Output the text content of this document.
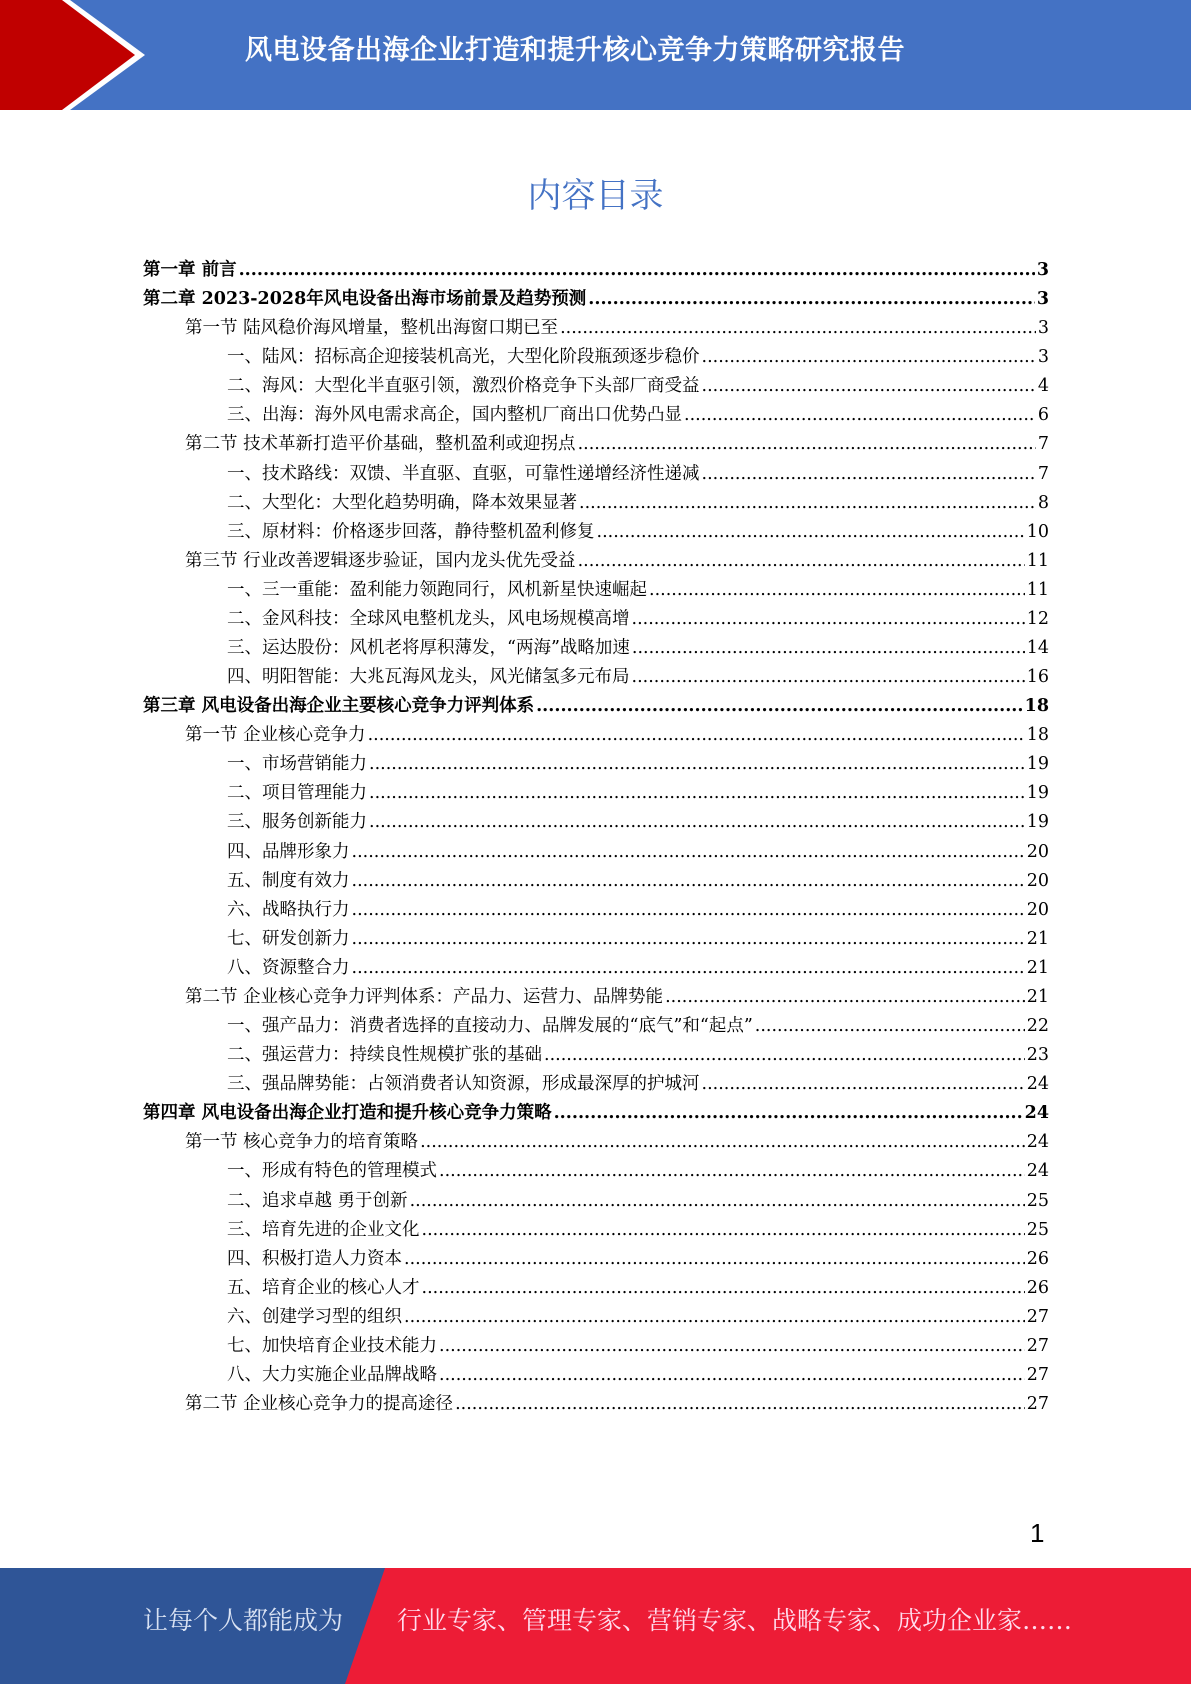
风电设备出海企业打造和提升核心竞争力策略研究报告
内容目录
第一章 前言 .....	3
第二章 2023-2028年风电设备出海市场前景及趋势预测 .....	3
第一节 陆风稳价海风增量，整机出海窗口期已至 .....	3
一、陆风：招标高企迎接装机高光，大型化阶段瓶颈逐步稳价 .....	3
二、海风：大型化半直驱引领，激烈价格竞争下头部厂商受益 .....	4
三、出海：海外风电需求高企，国内整机厂商出口优势凸显 .....	6
第二节 技术革新打造平价基础，整机盈利或迎拐点 .....	7
一、技术路线：双馈、半直驱、直驱，可靠性递增经济性递减 .....	7
二、大型化：大型化趋势明确，降本效果显著 .....	8
三、原材料：价格逐步回落，静待整机盈利修复 .....	10
第三节 行业改善逻辑逐步验证，国内龙头优先受益 .....	11
一、三一重能：盈利能力领跑同行，风机新星快速崛起 .....	11
二、金风科技：全球风电整机龙头，风电场规模高增 .....	12
三、运达股份：风机老将厚积薄发，“两海”战略加速 .....	14
四、明阳智能：大兆瓦海风龙头，风光储氢多元布局 .....	16
第三章 风电设备出海企业主要核心竞争力评判体系 .....	18
第一节 企业核心竞争力 .....	18
一、市场营销能力 .....	19
二、项目管理能力 .....	19
三、服务创新能力 .....	19
四、品牌形象力 .....	20
五、制度有效力 .....	20
六、战略执行力 .....	20
七、研发创新力 .....	21
八、资源整合力 .....	21
第二节 企业核心竞争力评判体系：产品力、运营力、品牌势能 .....	21
一、强产品力：消费者选择的直接动力、品牌发展的“底气”和“起点” .....	22
二、强运营力：持续良性规模扩张的基础 .....	23
三、强品牌势能：占领消费者认知资源，形成最深厚的护城河 .....	24
第四章 风电设备出海企业打造和提升核心竞争力策略 .....	24
第一节 核心竞争力的培育策略 .....	24
一、形成有特色的管理模式 .....	24
二、追求卓越 勇于创新 .....	25
三、培育先进的企业文化 .....	25
四、积极打造人力资本 .....	26
五、培育企业的核心人才 .....	26
六、创建学习型的组织 .....	27
七、加快培育企业技术能力 .....	27
八、大力实施企业品牌战略 .....	27
第二节 企业核心竞争力的提高途径 .....	27
1
让每个人都能成为 行业专家、管理专家、营销专家、战略专家、成功企业家……
